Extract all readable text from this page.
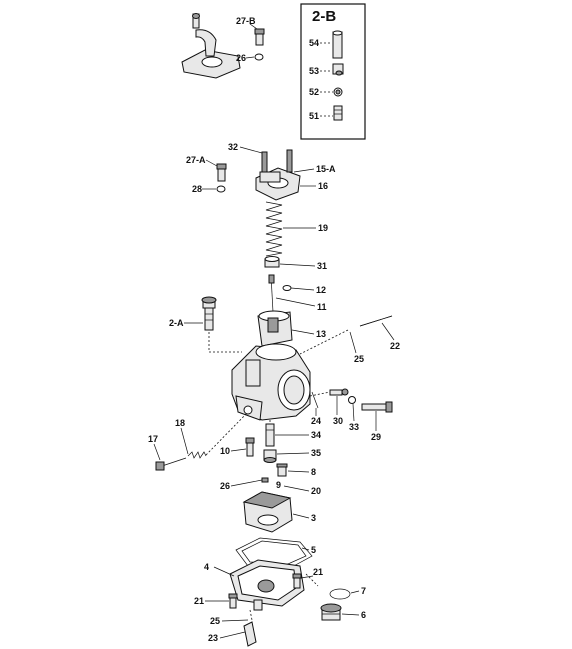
2-B
54
53
52
51
27-B
26
32
27-A
28
15-A
16
19
31
12
11
13
2-A
22
25
24 30
33
29
17
18
10
34
35
8
9
20
26
3
5
4
21
21
7
6
25
23
